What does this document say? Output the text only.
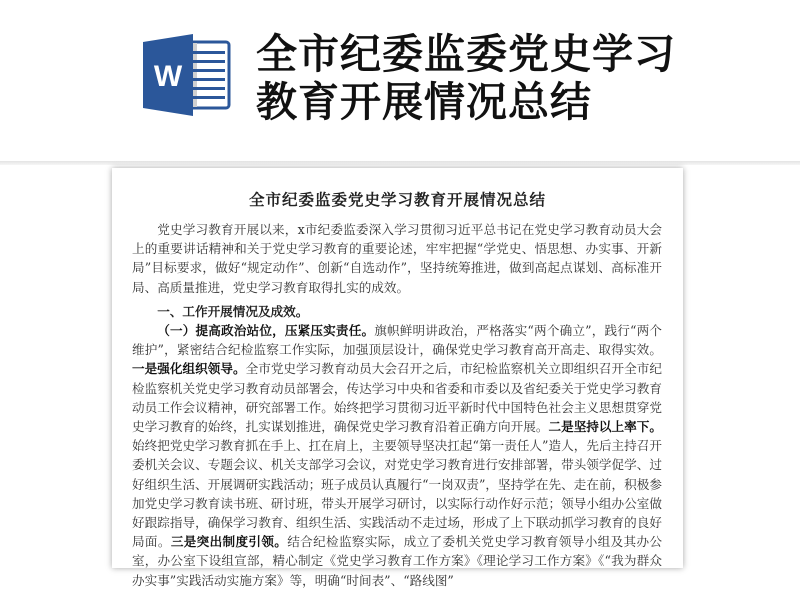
W 全市纪委监委党史学习教育开展情况总结
全市纪委监委党史学习教育开展情况总结

党史学习教育开展以来，x市纪委监委深入学习贯彻习近平总书记在党史学习教育动员大会上的重要讲话精神和关于党史学习教育的重要论述，牢牢把握“学党史、悟思想、办实事、开新局”目标要求，做好“规定动作”、创新“自选动作”，坚持统筹推进，做到高起点谋划、高标准开局、高质量推进，党史学习教育取得扎实的成效。

一、工作开展情况及成效。

（一）提高政治站位，压紧压实责任。旗帜鲜明讲政治，严格落实“两个确立”，践行“两个维护”，紧密结合纪检监察工作实际，加强顶层设计，确保党史学习教育高开高走、取得实效。一是强化组织领导。全市党史学习教育动员大会召开之后，市纪检监察机关立即组织召开全市纪检监察机关党史学习教育动员部署会，传达学习中央和省委和市委以及省纪委关于党史学习教育动员工作会议精神，研究部署工作。始终把学习贯彻习近平新时代中国特色社会主义思想贯穿党史学习教育的始终，扎实谋划推进，确保党史学习教育沿着正确方向开展。二是坚持以上率下。始终把党史学习教育抓在手上、扛在肩上，主要领导坚决扛起“第一责任人”造人，先后主持召开委机关会议、专题会议、机关支部学习会议，对党史学习教育进行安排部署，带头领学促学、过好组织生活、开展调研实践活动；班子成员认真履行“一岗双责”，坚持学在先、走在前，积极参加党史学习教育读书班、研讨班，带头开展学习研讨，以实际行动作好示范；领导小组办公室做好跟踪指导，确保学习教育、组织生活、实践活动不走过场，形成了上下联动抓学习教育的良好局面。三是突出制度引领。结合纪检监察实际，成立了委机关党史学习教育领导小组及其办公室，办公室下设组宣部，精心制定《党史学习教育工作方案》《理论学习工作方案》《“我为群众办实事”实践活动实施方案》等，明确“时间表”、“路线图”
